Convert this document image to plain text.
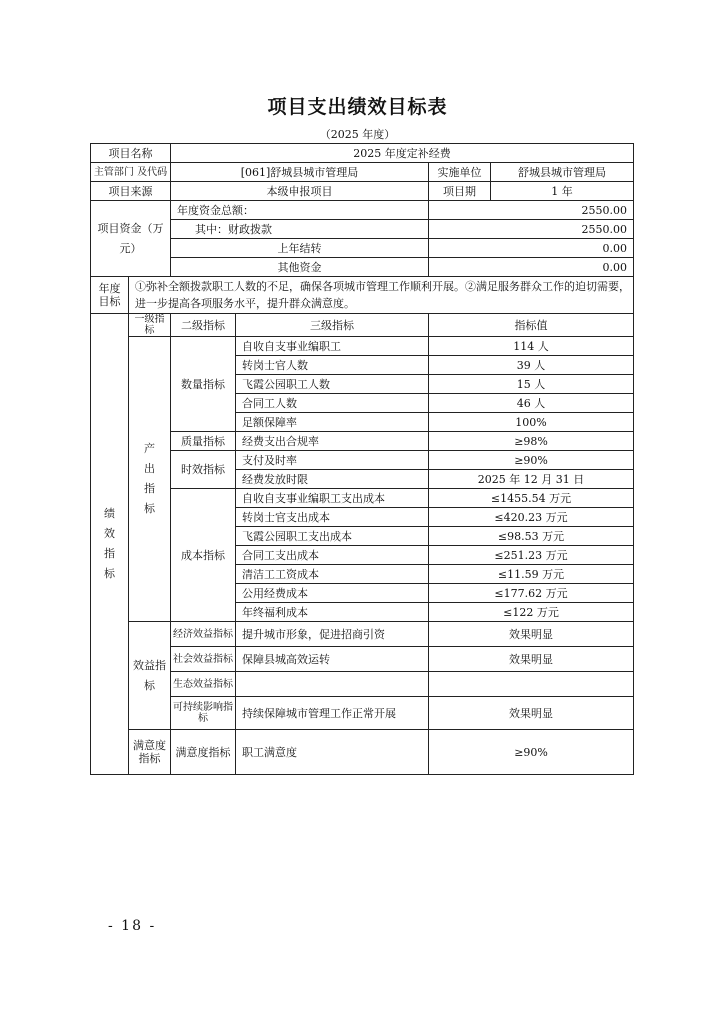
项目支出绩效目标表
（2025 年度）
项目名称		2025 年度定补经费			
主管部门 及代码		[061]舒城县城市管理局		实施单位	舒城县城市管理局
项目来源		本级申报项目		项目期	1 年
项目资金（万元）		年度资金总额：		2550.00	
		其中：财政拨款		2550.00	
		上年结转		0.00	
		其他资金		0.00	
年度目标	①弥补全额拨款职工人数的不足，确保各项城市管理工作顺利开展。②满足服务群众工作的迫切需要，进一步提高各项服务水平，提升群众满意度。				
绩效指标	一级指标	二级指标	三级指标	指标值	
	产出指标	数量指标	自收自支事业编职工	114 人	
			转岗士官人数	39 人	
			飞霞公园职工人数	15 人	
			合同工人数	46 人	
			足额保障率	100%	
		质量指标	经费支出合规率	≥98%	
		时效指标	支付及时率	≥90%	
			经费发放时限	2025 年 12 月 31 日	
		成本指标	自收自支事业编职工支出成本	≤1455.54 万元	
			转岗士官支出成本	≤420.23 万元	
			飞霞公园职工支出成本	≤98.53 万元	
			合同工支出成本	≤251.23 万元	
			清洁工工资成本	≤11.59 万元	
			公用经费成本	≤177.62 万元	
			年终福利成本	≤122 万元	
	效益指标	经济效益指标	提升城市形象，促进招商引资	效果明显	
		社会效益指标	保障县城高效运转	效果明显	
		生态效益指标			
		可持续影响指标	持续保障城市管理工作正常开展	效果明显	
	满意度指标	满意度指标	职工满意度	≥90%	
- 18 -
